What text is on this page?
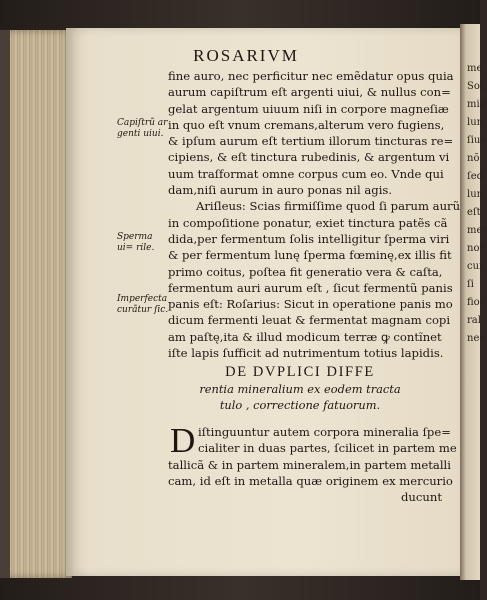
me
Sol,
mia
lun
ſiue
nõ
ſed
lun
eſt
mer
nor
cui
ſi
fior
ral
neo
ROSARIVM
fine auro, nec perficitur nec emẽdatur opus quia
aurum capiſtrum eſt argenti uiui, & nullus con=
gelat argentum uiuum niſi in corpore magneſiæ
in quo eſt vnum cremans,alterum vero fugiens,
& ipſum aurum eſt tertium illorum tincturas re=
cipiens, & eſt tinctura rubedinis, & argentum vi
uum traſformat omne corpus cum eo. Vnde qui
dam,niſi aurum in auro ponas nil agis.
Ariſleus: Scias firmiſſime quod ſi parum aurũ
in compoſitione ponatur, exiet tinctura patẽs cã
dida,per fermentum ſolis intelligitur ſperma viri
& per fermentum lunę ſperma fœminę,ex illis fit
primo coitus, poſtea fit generatio vera & caſta,
fermentum auri aurum eſt , ſicut fermentũ panis
panis eſt: Roſarius: Sicut in operatione panis mo
dicum fermenti leuat & fermentat magnam copi
am paſtę,ita & illud modicum terræ ꝙ contĩnet
iſte lapis ſufficit ad nutrimentum totius lapidis.
Capiſtrũ ar genti uiui.
Sperma ui= rile.
Imperfecta curãtur ſic.
DE DVPLICI DIFFE
rentia mineralium ex eodem tracta
tulo , correctione fatuorum.
D iſtinguuntur autem corpora mineralia ſpe=
cialiter in duas partes, ſcilicet in partem me
tallicã & in partem mineralem,in partem metalli
cam, id eſt in metalla quæ originem ex mercurio
ducunt
